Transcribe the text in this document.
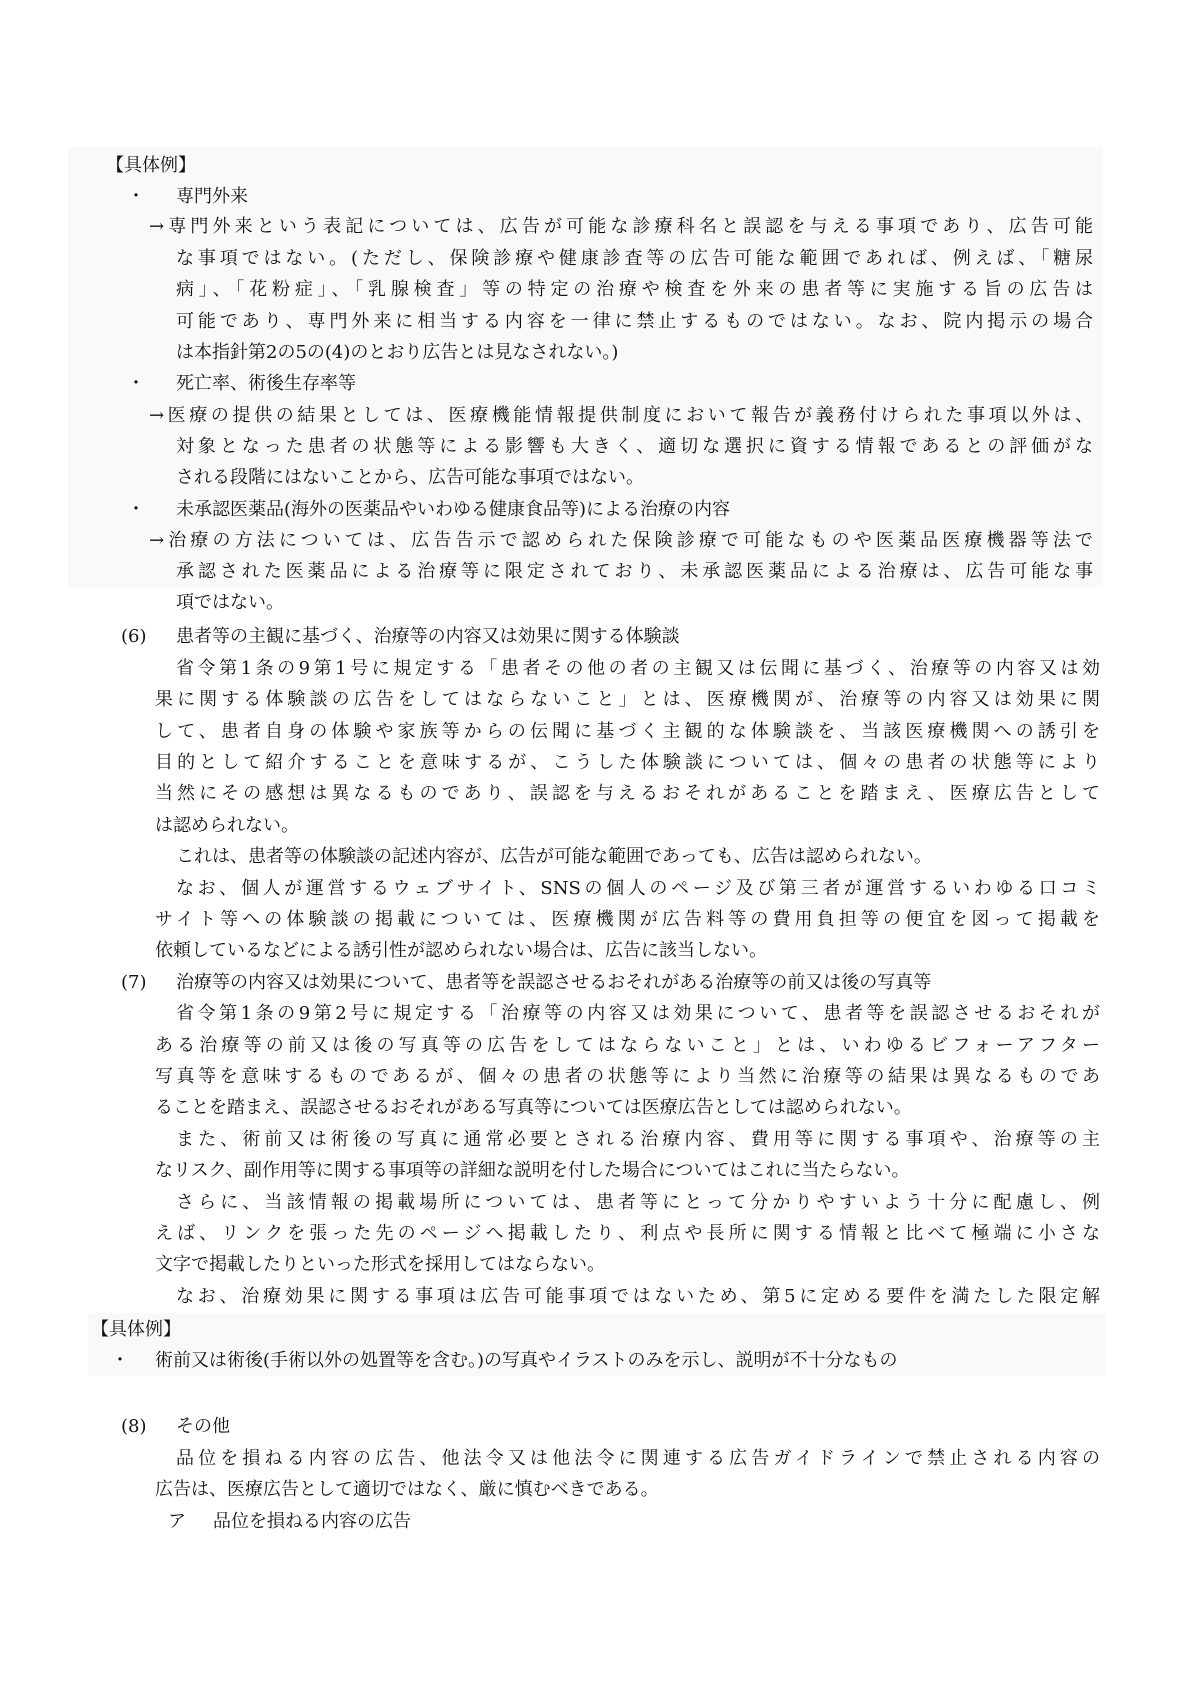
【具体例】
・ 専門外来
→専門外来という表記については、広告が可能な診療科名と誤認を与える事項であり、広告可能
な事項ではない。(ただし、保険診療や健康診査等の広告可能な範囲であれば、例えば、「糖尿
病」、「花粉症」、「乳腺検査」等の特定の治療や検査を外来の患者等に実施する旨の広告は
可能であり、専門外来に相当する内容を一律に禁止するものではない。なお、院内掲示の場合
は本指針第2の5の(4)のとおり広告とは見なされない。)
・ 死亡率、術後生存率等
→医療の提供の結果としては、医療機能情報提供制度において報告が義務付けられた事項以外は、
対象となった患者の状態等による影響も大きく、適切な選択に資する情報であるとの評価がな
される段階にはないことから、広告可能な事項ではない。
・ 未承認医薬品(海外の医薬品やいわゆる健康食品等)による治療の内容
→治療の方法については、広告告示で認められた保険診療で可能なものや医薬品医療機器等法で
承認された医薬品による治療等に限定されており、未承認医薬品による治療は、広告可能な事
項ではない。
(6) 患者等の主観に基づく、治療等の内容又は効果に関する体験談
省令第1条の9第1号に規定する「患者その他の者の主観又は伝聞に基づく、治療等の内容又は効
果に関する体験談の広告をしてはならないこと」とは、医療機関が、治療等の内容又は効果に関
して、患者自身の体験や家族等からの伝聞に基づく主観的な体験談を、当該医療機関への誘引を
目的として紹介することを意味するが、こうした体験談については、個々の患者の状態等により
当然にその感想は異なるものであり、誤認を与えるおそれがあることを踏まえ、医療広告として
は認められない。
これは、患者等の体験談の記述内容が、広告が可能な範囲であっても、広告は認められない。
なお、個人が運営するウェブサイト、SNSの個人のページ及び第三者が運営するいわゆる口コミ
サイト等への体験談の掲載については、医療機関が広告料等の費用負担等の便宜を図って掲載を
依頼しているなどによる誘引性が認められない場合は、広告に該当しない。
(7) 治療等の内容又は効果について、患者等を誤認させるおそれがある治療等の前又は後の写真等
省令第1条の9第2号に規定する「治療等の内容又は効果について、患者等を誤認させるおそれが
ある治療等の前又は後の写真等の広告をしてはならないこと」とは、いわゆるビフォーアフター
写真等を意味するものであるが、個々の患者の状態等により当然に治療等の結果は異なるものであ
ることを踏まえ、誤認させるおそれがある写真等については医療広告としては認められない。
また、術前又は術後の写真に通常必要とされる治療内容、費用等に関する事項や、治療等の主
なリスク、副作用等に関する事項等の詳細な説明を付した場合についてはこれに当たらない。
さらに、当該情報の掲載場所については、患者等にとって分かりやすいよう十分に配慮し、例
えば、リンクを張った先のページへ掲載したり、利点や長所に関する情報と比べて極端に小さな
文字で掲載したりといった形式を採用してはならない。
なお、治療効果に関する事項は広告可能事項ではないため、第5に定める要件を満たした限定解
【具体例】
・ 術前又は術後(手術以外の処置等を含む。)の写真やイラストのみを示し、説明が不十分なもの
(8) その他
品位を損ねる内容の広告、他法令又は他法令に関連する広告ガイドラインで禁止される内容の
広告は、医療広告として適切ではなく、厳に慎むべきである。
ア 品位を損ねる内容の広告
